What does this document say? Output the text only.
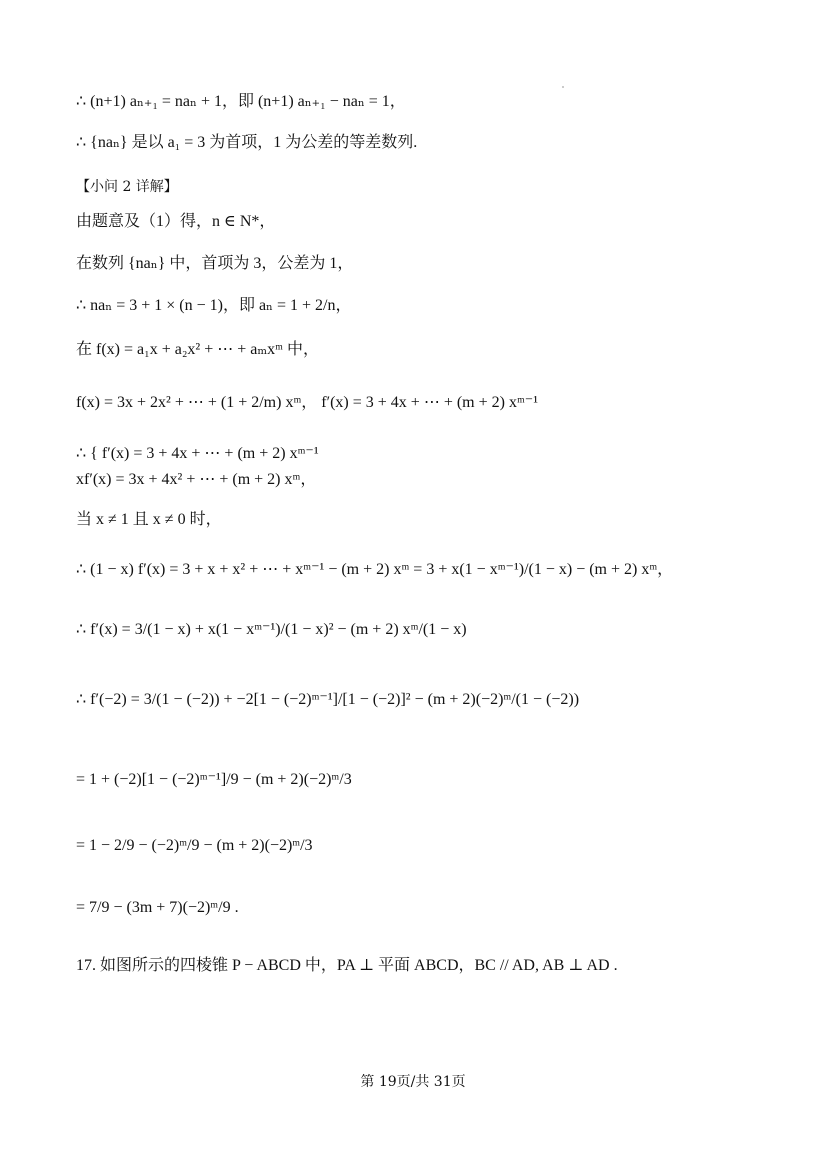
∴ (n+1) aₙ₊₁ = naₙ + 1，即 (n+1) aₙ₊₁ − naₙ = 1，
∴ {naₙ} 是以 a₁ = 3 为首项，1 为公差的等差数列.
【小问 2 详解】
由题意及（1）得，n ∈ N*，
在数列 {naₙ} 中，首项为 3，公差为 1，
∴ naₙ = 3 + 1 × (n − 1)，即 aₙ = 1 + 2/n，
在 f(x) = a₁x + a₂x² + ⋯ + aₘxᵐ 中，
f(x) = 3x + 2x² + ⋯ + (1 + 2/m) xᵐ， f′(x) = 3 + 4x + ⋯ + (m + 2) xᵐ⁻¹
∴ { f′(x) = 3 + 4x + ⋯ + (m + 2) xᵐ⁻¹
xf′(x) = 3x + 4x² + ⋯ + (m + 2) xᵐ，
当 x ≠ 1 且 x ≠ 0 时，
∴ (1 − x) f′(x) = 3 + x + x² + ⋯ + xᵐ⁻¹ − (m + 2) xᵐ = 3 + x(1 − xᵐ⁻¹)/(1 − x) − (m + 2) xᵐ，
∴ f′(x) = 3/(1 − x) + x(1 − xᵐ⁻¹)/(1 − x)² − (m + 2) xᵐ/(1 − x)
∴ f′(−2) = 3/(1 − (−2)) + −2[1 − (−2)ᵐ⁻¹]/[1 − (−2)]² − (m + 2)(−2)ᵐ/(1 − (−2))
= 1 + (−2)[1 − (−2)ᵐ⁻¹]/9 − (m + 2)(−2)ᵐ/3
= 1 − 2/9 − (−2)ᵐ/9 − (m + 2)(−2)ᵐ/3
= 7/9 − (3m + 7)(−2)ᵐ/9 .
17. 如图所示的四棱锥 P − ABCD 中，PA ⊥ 平面 ABCD，BC // AD, AB ⊥ AD .
第 19页/共 31页
